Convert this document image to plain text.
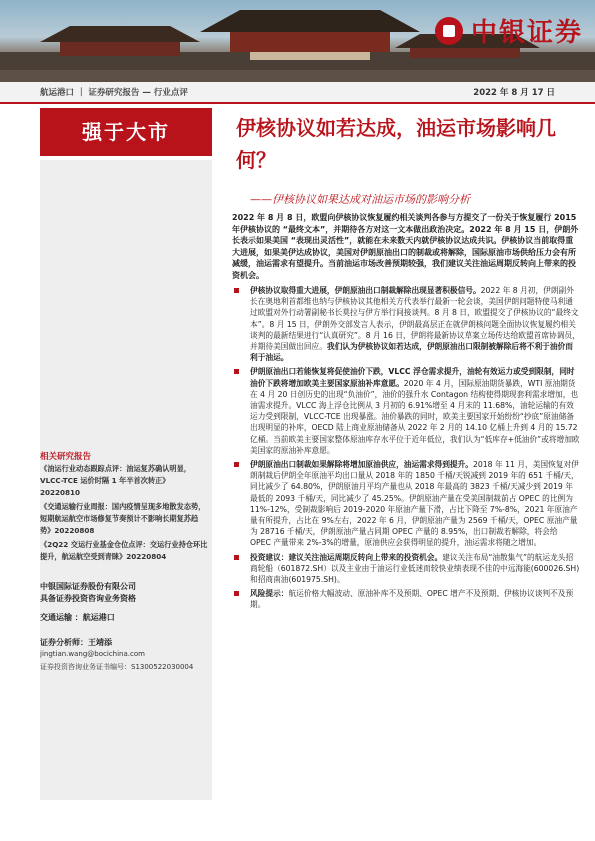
中银证券
航运港口 ｜ 证券研究报告 — 行业点评	2022 年 8 月 17 日
强于大市	伊核协议如若达成，油运市场影响几何？
——伊核协议如果达成对油运市场的影响分析
相关研究报告
《油运行业动态跟踪点评：油运复苏确认明显，VLCC-TCE 运价时隔 1 年半首次转正》20220810
《交通运输行业周报：国内疫情呈现多地散发态势，短期航运航空市场修复节奏预计不影响长期复苏趋势》20220808
《2Q22 交运行业基金仓位点评：交运行业持仓环比提升，航运航空受到青睐》20220804
中银国际证券股份有限公司
具备证券投资咨询业务资格
交通运输 ：航运港口
证券分析师：王靖添
jingtian.wang@bocichina.com
证券投资咨询业务证书编号：S1300522030004

2022 年 8 月 8 日，欧盟向伊核协议恢复履约相关谈判各参与方提交了一份关于恢复履行 2015 年伊核协议的 “最终文本”，并期待各方对这一文本做出政治决定。2022 年 8 月 15 日，伊朗外长表示如果美国 “表现出灵活性”，就能在未来数天内就伊核协议达成共识。伊核协议当前取得重大进展，如果美伊达成协议，美国对伊朗原油出口的制裁或将解除，国际原油市场供给压力会有所减缓，油运需求有望提升。当前油运市场改善预期较强，我们建议关注油运周期反转向上带来的投资机会。

伊核协议取得重大进展，伊朗原油出口制裁解除出现显著积极信号。2022 年 8 月初，伊朗副外长在奥地利首都维也纳与伊核协议其他相关方代表举行最新一轮会谈，美国伊朗问题特使马利通过欧盟对外行动署副秘书长莫拉与伊方举行间接谈判。8 月 8 日，欧盟提交了伊核协议的“最终文本”。8 月 15 日，伊朗外交部发言人表示，伊朗最高层正在就伊朗核问题全面协议恢复履约相关谈判的最新结果进行“认真研究”。8 月 16 日，伊朗将最新协议草案立场传达给欧盟首席协调员，并期待美国做出回应。我们认为伊核协议如若达成，伊朗原油出口限制被解除后将不利于油价而利于油运。
伊朗原油出口若能恢复将促使油价下跌，VLCC 浮仓需求提升，油轮有效运力或受到限制，同时油价下跌将增加欧美主要国家原油补库意愿。2020 年 4 月，国际原油期货暴跌，WTI 原油期货在 4 月 20 日创历史的出现“负油价”，油价的强升水 Contagon 结构使得期现套利需求增加，也油需求提升。VLCC 海上浮仓比例从 3 月初的 6.91%增至 4 月末的 11.68%，油轮运输的有效运力受到限制，VLCC-TCE 出现暴涨。油价暴跌的同时，欧美主要国家开始纷纷“抄底”原油储备出现明显的补库，OECD 陆上商业原油储备从 2022 年 2 月的 14.10 亿桶上升到 4 月的 15.72 亿桶。当前欧美主要国家整体原油库存水平位于近年低位，我们认为“低库存+低油价”或将增加欧美国家的原油补库意愿。
伊朗原油出口制裁如果解除将增加原油供应，油运需求得到提升。2018 年 11 月，美国恢复对伊朗制裁后伊朗全年原油平均出口量从 2018 年的 1850 千桶/天锐减到 2019 年的 651 千桶/天，同比减少了 64.80%，伊朗原油月平均产量也从 2018 年最高的 3823 千桶/天减少到 2019 年最低的 2093 千桶/天，同比减少了 45.25%。伊朗原油产量在受美国制裁前占 OPEC 的比例为 11%-12%，受制裁影响后 2019-2020 年原油产量下滑，占比下降至 7%-8%，2021 年原油产量有所提升，占比在 9%左右，2022 年 6 月，伊朗原油产量为 2569 千桶/天，OPEC 原油产量为 28716 千桶/天，伊朗原油产量占同期 OPEC 产量的 8.95%，出口制裁若解除，将会给 OPEC 产量带来 2%-3%的增量，原油供应会获得明显的提升，油运需求将随之增加。
投资建议：建议关注油运周期反转向上带来的投资机会。建议关注布局“油散集气”的航运龙头招商轮船（601872.SH）以及主业由于油运行业低迷而较快业绩表现不佳的中远海能(600026.SH)和招商南油(601975.SH)。
风险提示：航运价格大幅波动、原油补库不及预期、OPEC 增产不及预期、伊核协议谈判不及预期。
